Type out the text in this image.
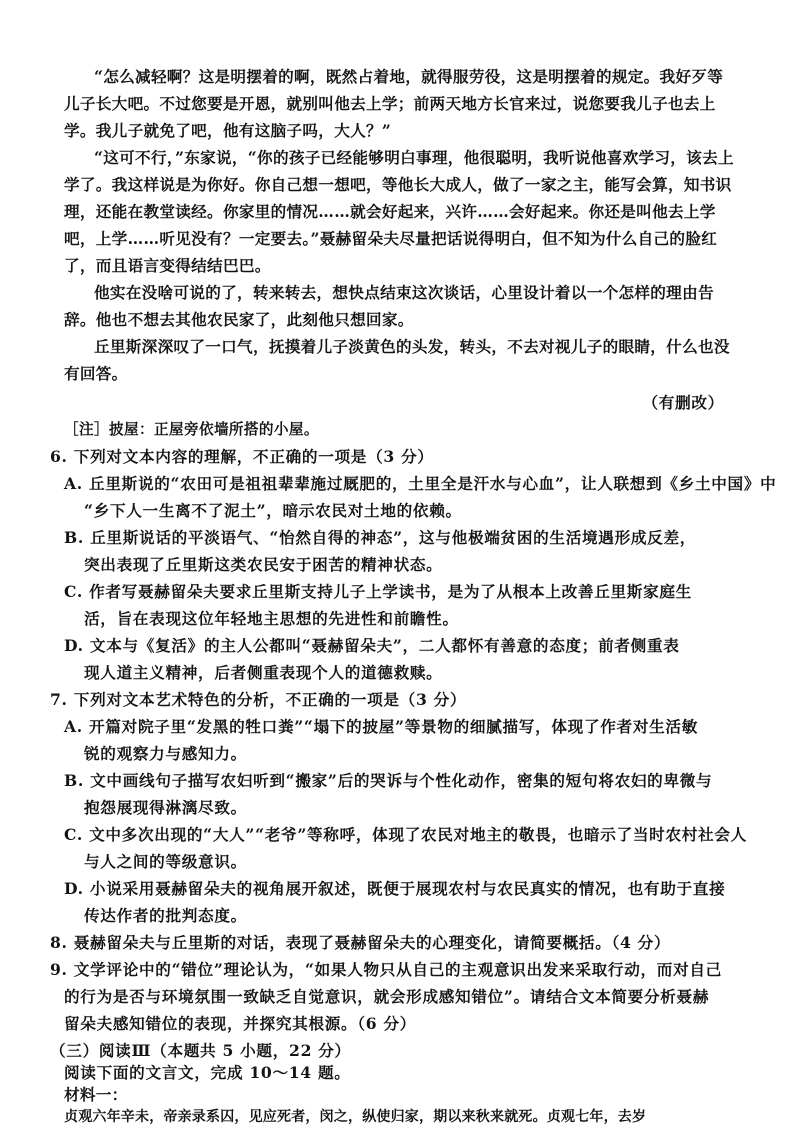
“怎么减轻啊？这是明摆着的啊，既然占着地，就得服劳役，这是明摆着的规定。我好歹等
儿子长大吧。不过您要是开恩，就别叫他去上学；前两天地方长官来过，说您要我儿子也去上
学。我儿子就免了吧，他有这脑子吗，大人？”
“这可不行，”东家说，“你的孩子已经能够明白事理，他很聪明，我听说他喜欢学习，该去上
学了。我这样说是为你好。你自己想一想吧，等他长大成人，做了一家之主，能写会算，知书识
理，还能在教堂读经。你家里的情况……就会好起来，兴许……会好起来。你还是叫他去上学
吧，上学……听见没有？一定要去。”聂赫留朵夫尽量把话说得明白，但不知为什么自己的脸红
了，而且语言变得结结巴巴。
他实在没啥可说的了，转来转去，想快点结束这次谈话，心里设计着以一个怎样的理由告
辞。他也不想去其他农民家了，此刻他只想回家。
丘里斯深深叹了一口气，抚摸着儿子淡黄色的头发，转头，不去对视儿子的眼睛，什么也没
有回答。
（有删改）
［注］披屋：正屋旁依墙所搭的小屋。
6. 下列对文本内容的理解，不正确的一项是（3 分）
A. 丘里斯说的“农田可是祖祖辈辈施过厩肥的，土里全是汗水与心血”，让人联想到《乡土中国》中
“乡下人一生离不了泥土”，暗示农民对土地的依赖。
B. 丘里斯说话的平淡语气、“怡然自得的神态”，这与他极端贫困的生活境遇形成反差，
突出表现了丘里斯这类农民安于困苦的精神状态。
C. 作者写聂赫留朵夫要求丘里斯支持儿子上学读书，是为了从根本上改善丘里斯家庭生
活，旨在表现这位年轻地主思想的先进性和前瞻性。
D. 文本与《复活》的主人公都叫“聂赫留朵夫”，二人都怀有善意的态度；前者侧重表
现人道主义精神，后者侧重表现个人的道德救赎。
7. 下列对文本艺术特色的分析，不正确的一项是（3 分）
A. 开篇对院子里“发黑的牲口粪”“塌下的披屋”等景物的细腻描写，体现了作者对生活敏
锐的观察力与感知力。
B. 文中画线句子描写农妇听到“搬家”后的哭诉与个性化动作，密集的短句将农妇的卑微与
抱怨展现得淋漓尽致。
C. 文中多次出现的“大人”“老爷”等称呼，体现了农民对地主的敬畏，也暗示了当时农村社会人
与人之间的等级意识。
D. 小说采用聂赫留朵夫的视角展开叙述，既便于展现农村与农民真实的情况，也有助于直接
传达作者的批判态度。
8. 聂赫留朵夫与丘里斯的对话，表现了聂赫留朵夫的心理变化，请简要概括。（4 分）
9. 文学评论中的“错位”理论认为，“如果人物只从自己的主观意识出发来采取行动，而对自己
的行为是否与环境氛围一致缺乏自觉意识，就会形成感知错位”。请结合文本简要分析聂赫
留朵夫感知错位的表现，并探究其根源。（6 分）
（三）阅读Ⅲ（本题共 5 小题，22 分）
阅读下面的文言文，完成 10～14 题。
材料一：
贞观六年辛未，帝亲录系囚，见应死者，闵之，纵使归家，期以来秋来就死。贞观七年，去岁
